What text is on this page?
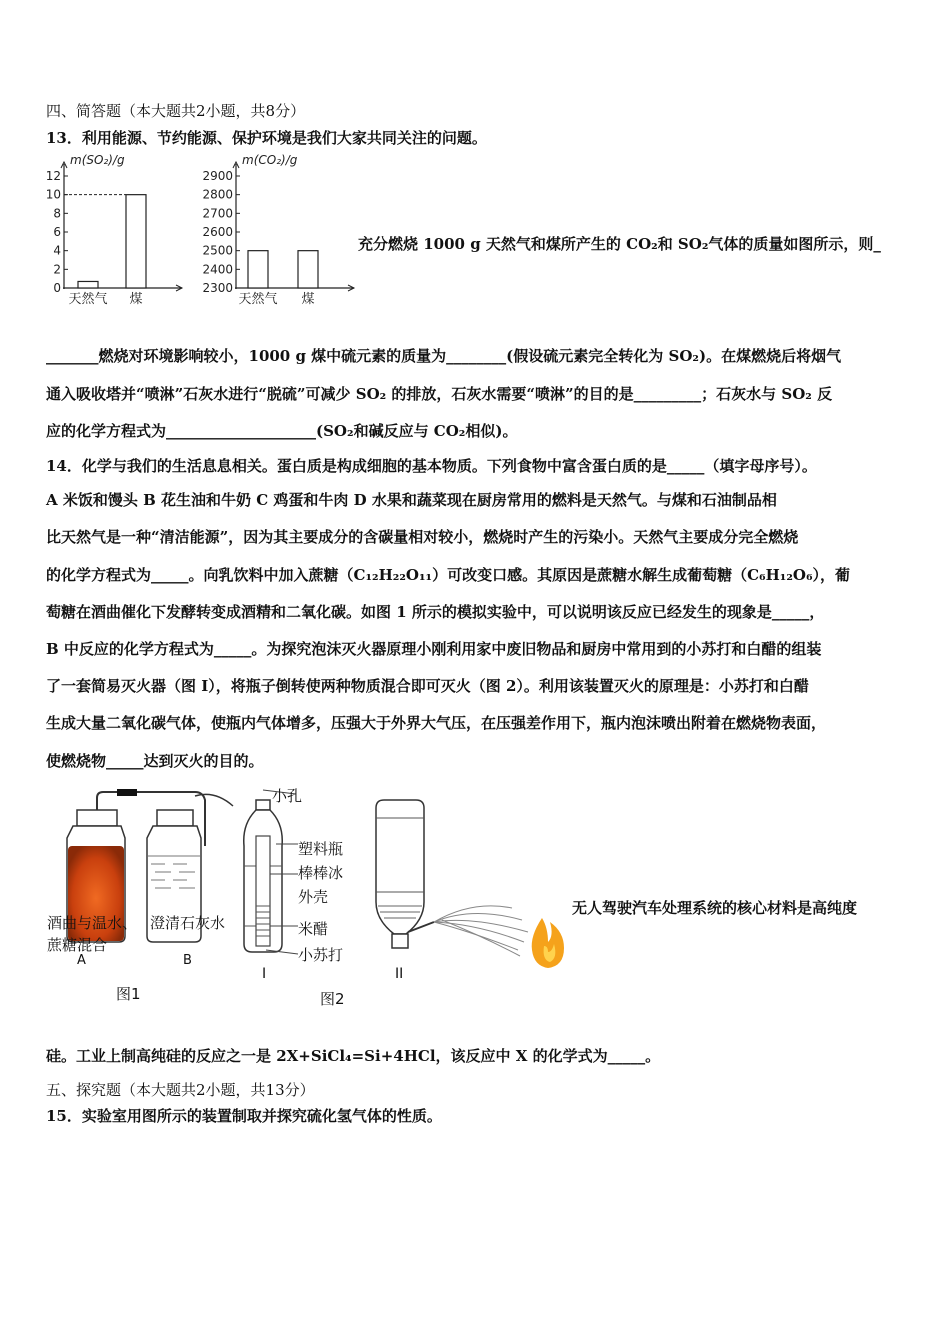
四、简答题（本大题共2小题，共8分）
13．利用能源、节约能源、保护环境是我们大家共同关注的问题。
m(SO₂)/g
0
2
4
6
8
10
12
天然气 煤
m(CO₂)/g
2300
2400
2500
2600
2700
2800
2900
天然气 煤
充分燃烧 1000 g 天然气和煤所产生的 CO₂和 SO₂气体的质量如图所示，则_
_______燃烧对环境影响较小，1000 g 煤中硫元素的质量为________(假设硫元素完全转化为 SO₂)。在煤燃烧后将烟气
通入吸收塔并“喷淋”石灰水进行“脱硫”可减少 SO₂ 的排放，石灰水需要“喷淋”的目的是_________；石灰水与 SO₂ 反
应的化学方程式为____________________(SO₂和碱反应与 CO₂相似)。
14．化学与我们的生活息息相关。蛋白质是构成细胞的基本物质。下列食物中富含蛋白质的是_____（填字母序号）。
A 米饭和馒头 B 花生油和牛奶 C 鸡蛋和牛肉 D 水果和蔬菜现在厨房常用的燃料是天然气。与煤和石油制品相
比天然气是一种“清洁能源”，因为其主要成分的含碳量相对较小，燃烧时产生的污染小。天然气主要成分完全燃烧
的化学方程式为_____。向乳饮料中加入蔗糖（C₁₂H₂₂O₁₁）可改变口感。其原因是蔗糖水解生成葡萄糖（C₆H₁₂O₆），葡
萄糖在酒曲催化下发酵转变成酒精和二氧化碳。如图 1 所示的模拟实验中，可以说明该反应已经发生的现象是_____，
B 中反应的化学方程式为_____。为探究泡沫灭火器原理小刚利用家中废旧物品和厨房中常用到的小苏打和白醋的组装
了一套简易灭火器（图 I），将瓶子倒转使两种物质混合即可灭火（图 2）。利用该装置灭火的原理是：小苏打和白醋
生成大量二氧化碳气体，使瓶内气体增多，压强大于外界大气压，在压强差作用下，瓶内泡沫喷出附着在燃烧物表面，
使燃烧物_____达到灭火的目的。
酒曲与温水、
蔗糖混合
澄清石灰水
A	B
图1
小孔
塑料瓶
棒棒冰
外壳
米醋
小苏打
I	II
图2
无人驾驶汽车处理系统的核心材料是高纯度
硅。工业上制高纯硅的反应之一是 2X+SiCl₄=Si+4HCl，该反应中 X 的化学式为_____。
五、探究题（本大题共2小题，共13分）
15．实验室用图所示的装置制取并探究硫化氢气体的性质。
